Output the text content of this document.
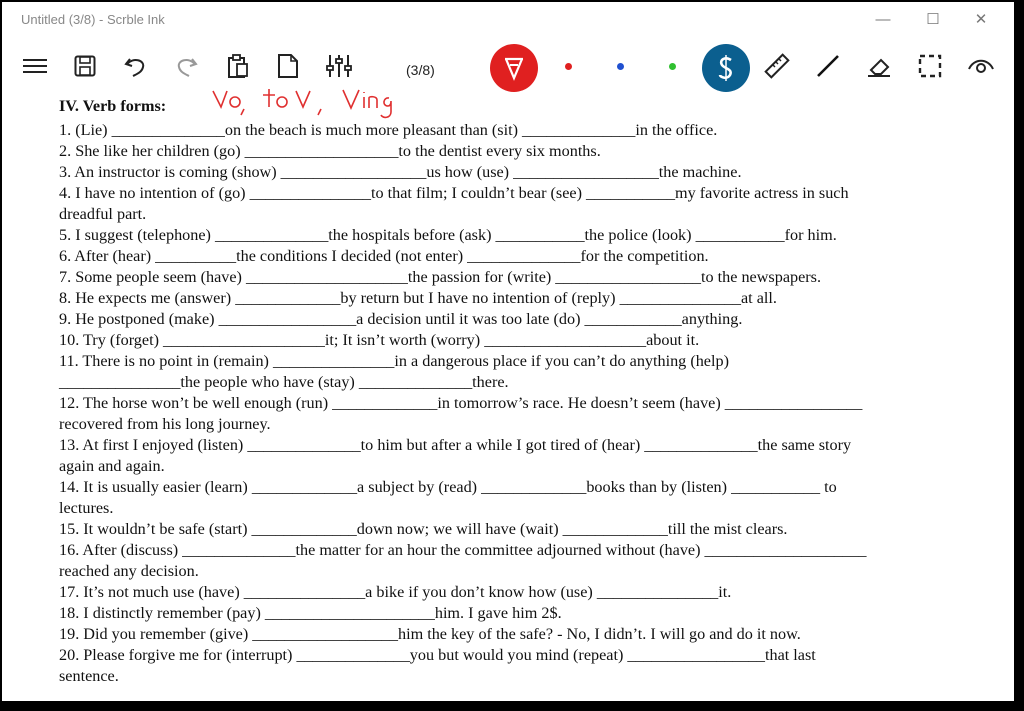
Untitled (3/8) - Scrble Ink	—	☐	✕
(3/8)
IV. Verb forms:
1. (Lie) ______________on the beach is much more pleasant than (sit) ______________in the office.
2. She like her children (go) ___________________to the dentist every six months.
3. An instructor is coming (show) __________________us how (use) __________________the machine.
4. I have no intention of (go) _______________to that film; I couldn’t bear (see) ___________my favorite actress in such
dreadful part.
5. I suggest (telephone) ______________the hospitals before (ask) ___________the police (look) ___________for him.
6. After (hear) __________the conditions I decided (not enter) ______________for the competition.
7. Some people seem (have) ____________________the passion for (write) __________________to the newspapers.
8. He expects me (answer) _____________by return but I have no intention of (reply) _______________at all.
9. He postponed (make) _________________a decision until it was too late (do) ____________anything.
10. Try (forget) ____________________it; It isn’t worth (worry) ____________________about it.
11. There is no point in (remain) _______________in a dangerous place if you can’t do anything (help)
_______________the people who have (stay) ______________there.
12. The horse won’t be well enough (run) _____________in tomorrow’s race. He doesn’t seem (have) _________________
recovered from his long journey.
13. At first I enjoyed (listen) ______________to him but after a while I got tired of (hear) ______________the same story
again and again.
14. It is usually easier (learn) _____________a subject by (read) _____________books than by (listen) ___________ to
lectures.
15. It wouldn’t be safe (start) _____________down now; we will have (wait) _____________till the mist clears.
16. After (discuss) ______________the matter for an hour the committee adjourned without (have) ____________________
reached any decision.
17. It’s not much use (have) _______________a bike if you don’t know how (use) _______________it.
18. I distinctly remember (pay) _____________________him. I gave him 2$.
19. Did you remember (give) __________________him the key of the safe? - No, I didn’t. I will go and do it now.
20. Please forgive me for (interrupt) ______________you but would you mind (repeat) _________________that last
sentence.
